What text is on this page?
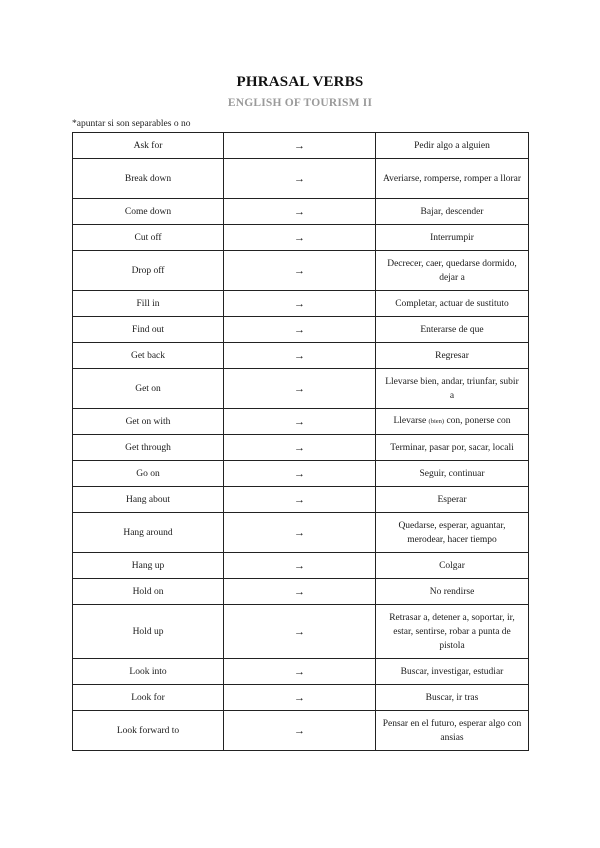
PHRASAL VERBS
ENGLISH OF TOURISM II
*apuntar si son separables o no
Ask for	→	Pedir algo a alguien
Break down	→	Averiarse, romperse, romper a llorar
Come down	→	Bajar, descender
Cut off	→	Interrumpir
Drop off	→	Decrecer, caer, quedarse dormido, dejar a
Fill in	→	Completar, actuar de sustituto
Find out	→	Enterarse de que
Get back	→	Regresar
Get on	→	Llevarse bien, andar, triunfar, subir a
Get on with	→	Llevarse (bien) con, ponerse con
Get through	→	Terminar, pasar por, sacar, locali
Go on	→	Seguir, continuar
Hang about	→	Esperar
Hang around	→	Quedarse, esperar, aguantar, merodear, hacer tiempo
Hang up	→	Colgar
Hold on	→	No rendirse
Hold up	→	Retrasar a, detener a, soportar, ir, estar, sentirse, robar a punta de pistola
Look into	→	Buscar, investigar, estudiar
Look for	→	Buscar, ir tras
Look forward to	→	Pensar en el futuro, esperar algo con ansias
